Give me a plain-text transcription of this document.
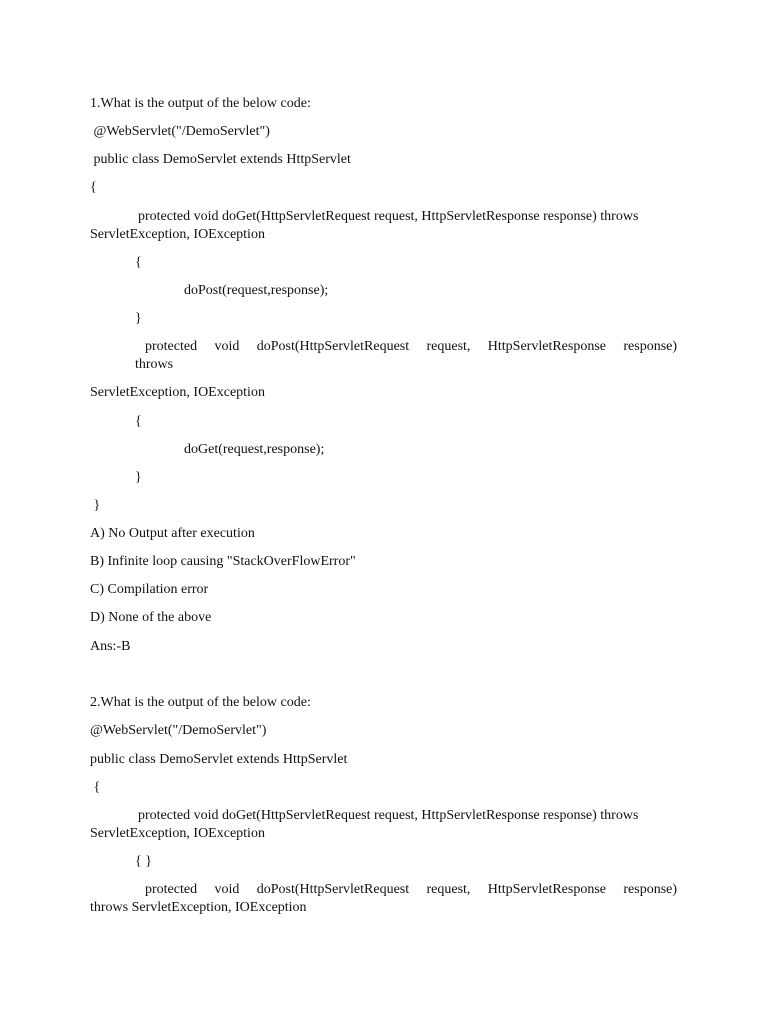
1.What is the output of the below code:
@WebServlet("/DemoServlet")
public class DemoServlet extends HttpServlet
{
protected void doGet(HttpServletRequest request, HttpServletResponse response) throws
ServletException, IOException
{
doPost(request,response);
}
protected void doPost(HttpServletRequest request, HttpServletResponse response)
throws
ServletException, IOException
{
doGet(request,response);
}
}
A) No Output after execution
B) Infinite loop causing "StackOverFlowError"
C) Compilation error
D) None of the above
Ans:-B
2.What is the output of the below code:
@WebServlet("/DemoServlet")
public class DemoServlet extends HttpServlet
{
protected void doGet(HttpServletRequest request, HttpServletResponse response) throws
ServletException, IOException
{ }
protected void doPost(HttpServletRequest request, HttpServletResponse response)
throws ServletException, IOException
